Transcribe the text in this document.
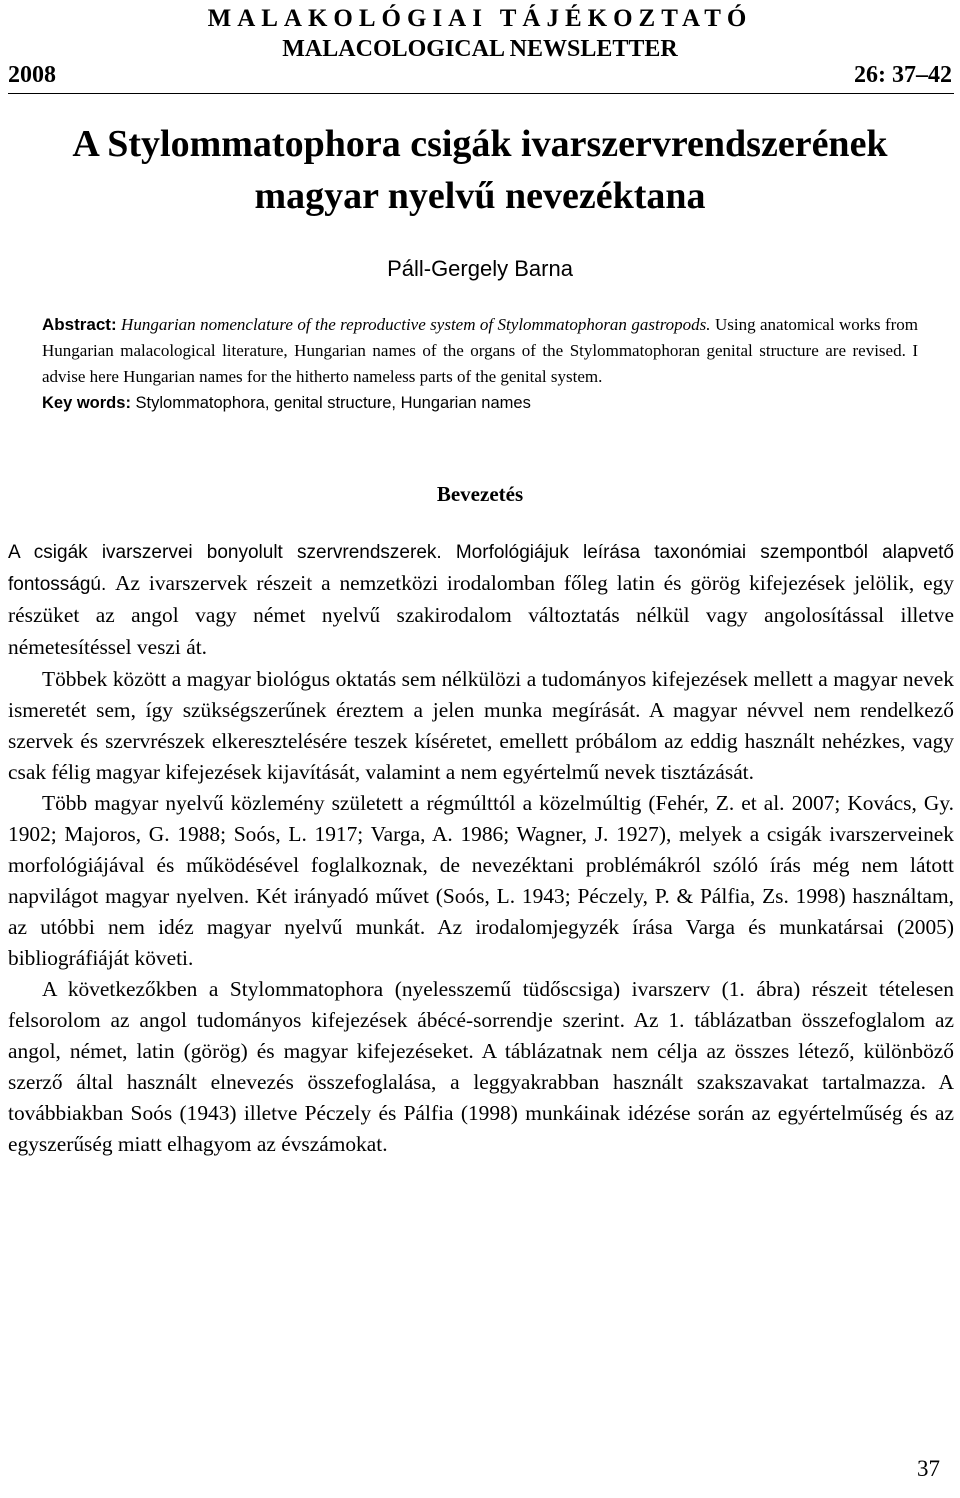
MALAKOLÓGIAI TÁJÉKOZTATÓ
MALACOLOGICAL NEWSLETTER
2008	26: 37–42
A Stylommatophora csigák ivarszervrendszerének
magyar nyelvű nevezéktana
Páll-Gergely Barna

Abstract: Hungarian nomenclature of the reproductive system of Stylommatophoran gastropods. Using anatomical works from Hungarian malacological literature, Hungarian names of the organs of the Stylommatophoran genital structure are revised. I advise here Hungarian names for the hitherto nameless parts of the genital system.

Key words: Stylommatophora, genital structure, Hungarian names

Bevezetés

A csigák ivarszervei bonyolult szervrendszerek. Morfológiájuk leírása taxonómiai szempontból alapvető fontosságú. Az ivarszervek részeit a nemzetközi irodalomban főleg latin és görög kifejezések jelölik, egy részüket az angol vagy német nyelvű szakirodalom változtatás nélkül vagy angolosítással illetve németesítéssel veszi át.

Többek között a magyar biológus oktatás sem nélkülözi a tudományos kifejezések mellett a magyar nevek ismeretét sem, így szükségszerűnek éreztem a jelen munka megírását. A magyar névvel nem rendelkező szervek és szervrészek elkeresztelésére teszek kíséretet, emellett próbálom az eddig használt nehézkes, vagy csak félig magyar kifejezések kijavítását, valamint a nem egyértelmű nevek tisztázását.

Több magyar nyelvű közlemény született a régmúlttól a közelmúltig (Fehér, Z. et al. 2007; Kovács, Gy. 1902; Majoros, G. 1988; Soós, L. 1917; Varga, A. 1986; Wagner, J. 1927), melyek a csigák ivarszerveinek morfológiájával és működésével foglalkoznak, de nevezéktani problémákról szóló írás még nem látott napvilágot magyar nyelven. Két irányadó művet (Soós, L. 1943; Péczely, P. & Pálfia, Zs. 1998) használtam, az utóbbi nem idéz magyar nyelvű munkát. Az irodalomjegyzék írása Varga és munkatársai (2005) bibliográfiáját követi.

A következőkben a Stylommatophora (nyelesszemű tüdőscsiga) ivarszerv (1. ábra) részeit tételesen felsorolom az angol tudományos kifejezések ábécé-sorrendje szerint. Az 1. táblázatban összefoglalom az angol, német, latin (görög) és magyar kifejezéseket. A táblázatnak nem célja az összes létező, különböző szerző által használt elnevezés összefoglalása, a leggyakrabban használt szakszavakat tartalmazza. A továbbiakban Soós (1943) illetve Péczely és Pálfia (1998) munkáinak idézése során az egyértelműség és az egyszerűség miatt elhagyom az évszámokat.

37
